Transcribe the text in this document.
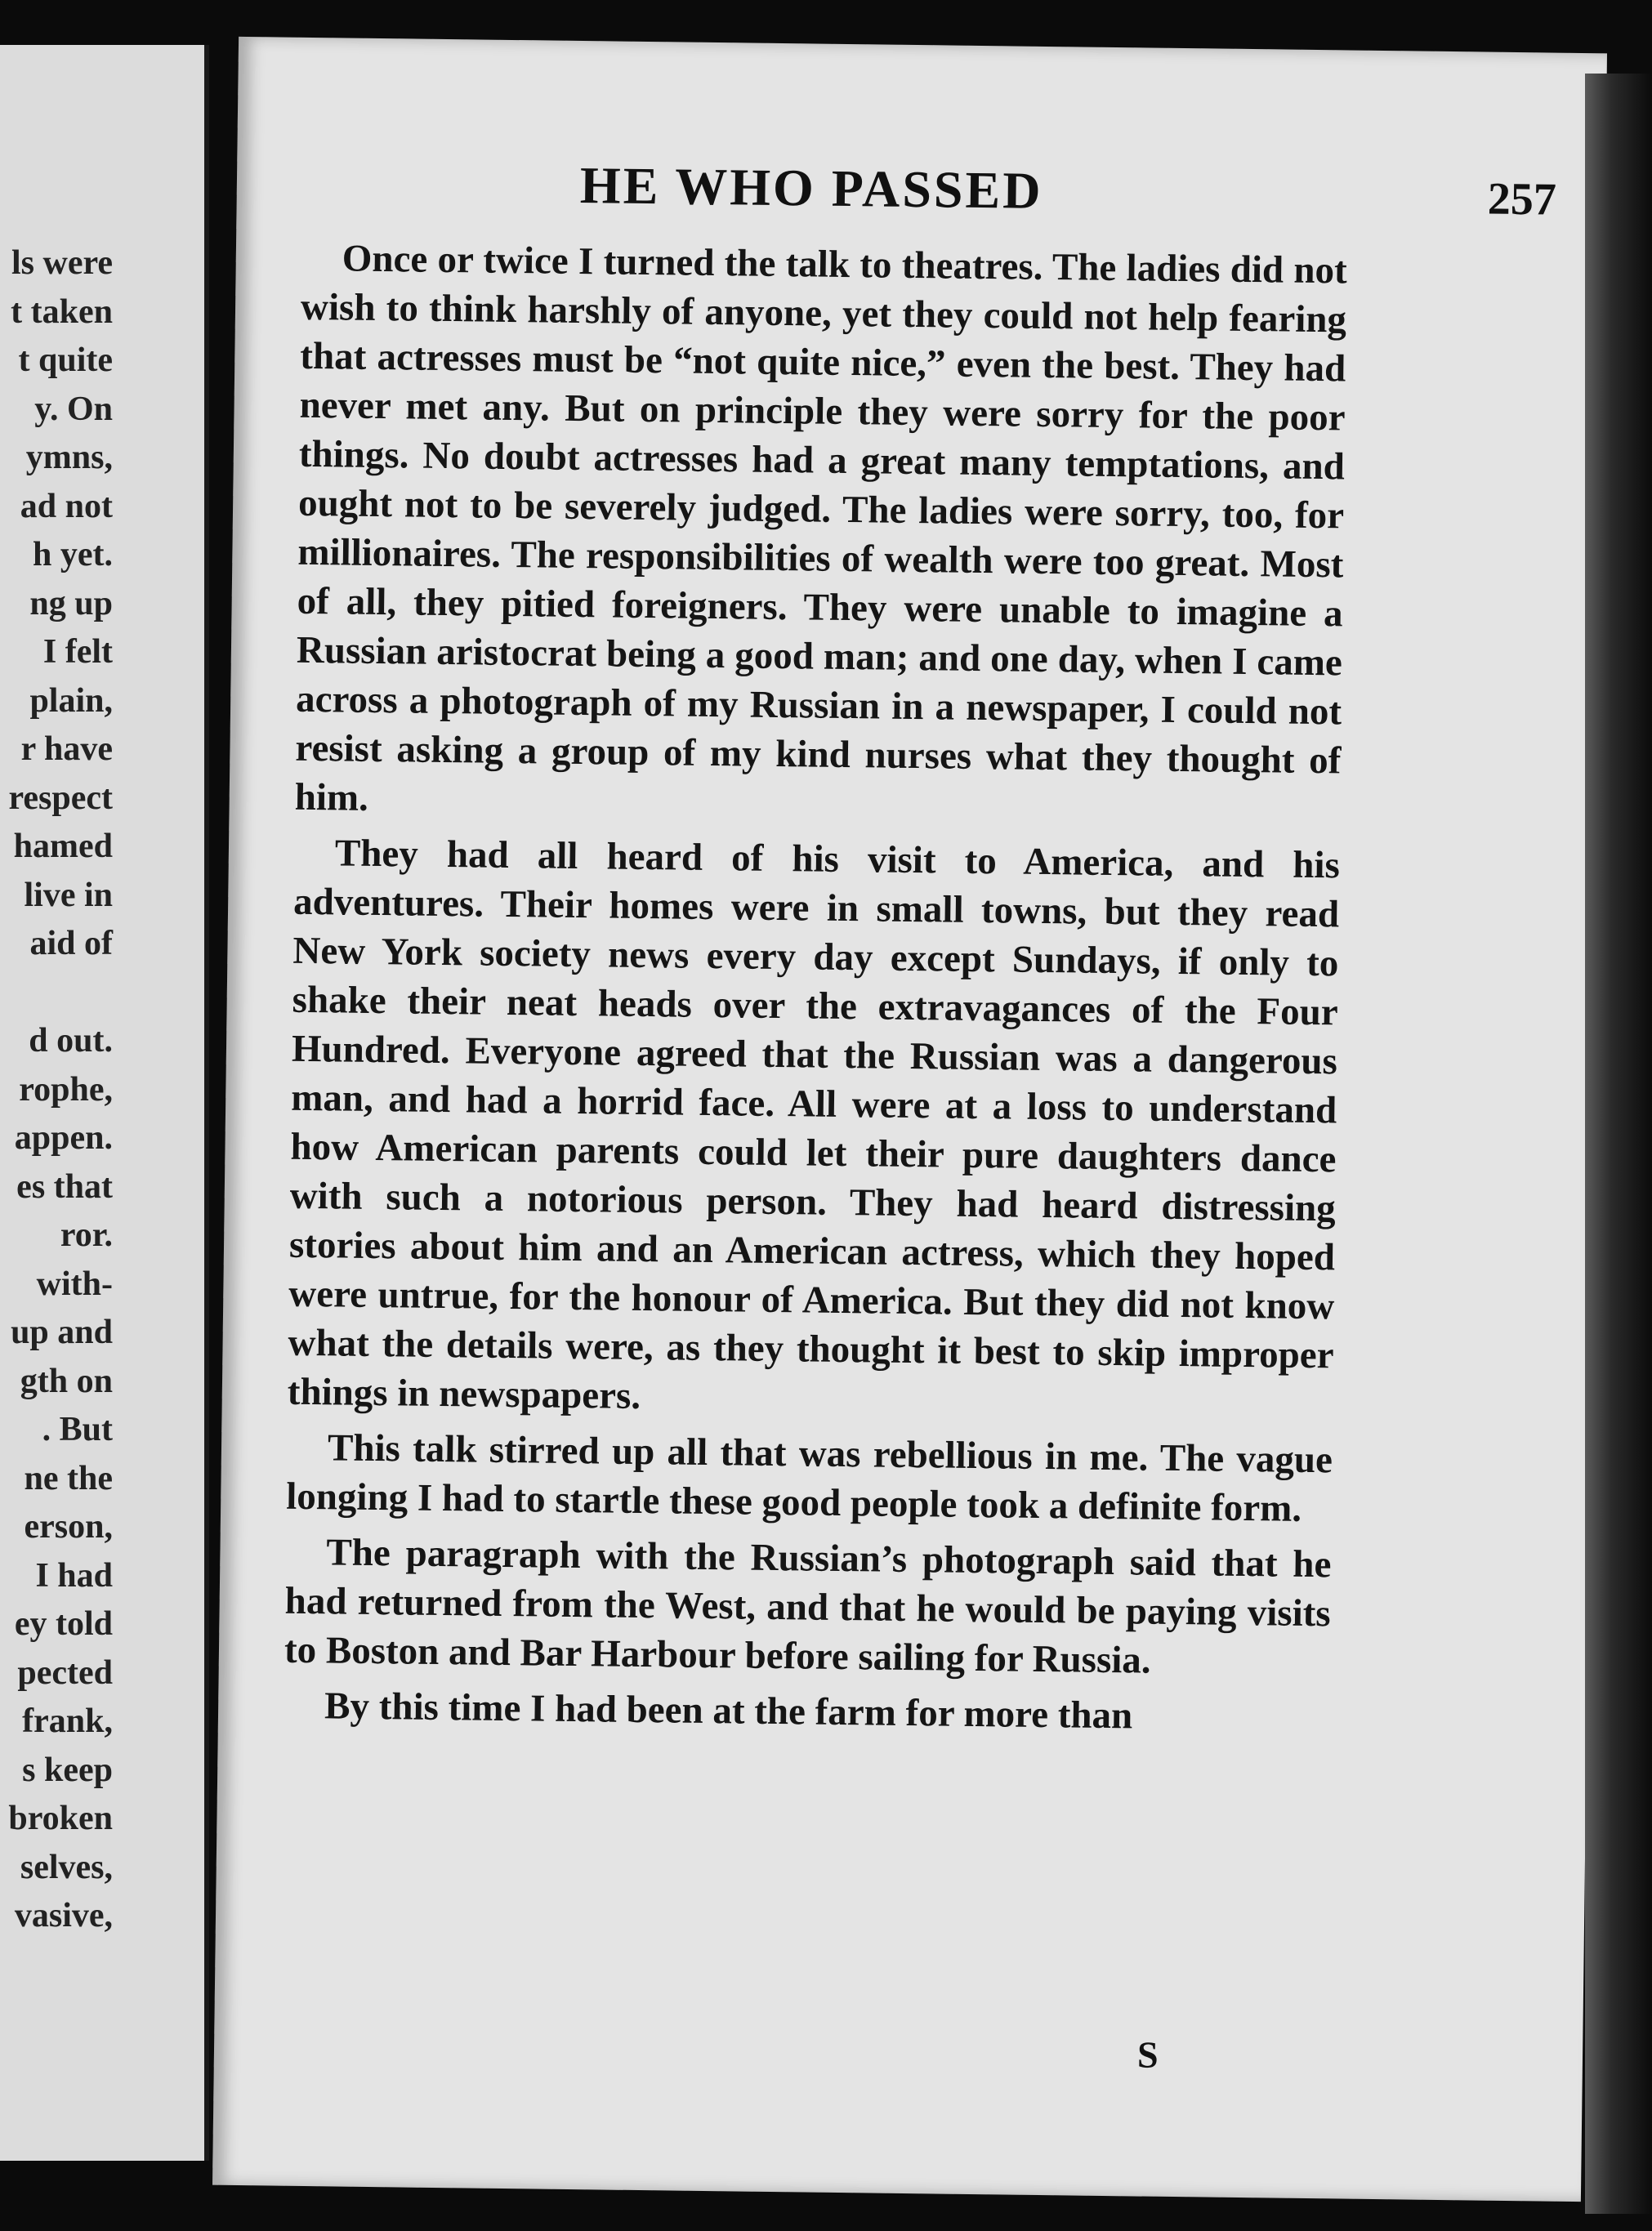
ls were
t taken
t quite
y. On
ymns,
ad not
h yet.
ng up
I felt
plain,
r have
respect
hamed
live in
aid of
d out.
rophe,
appen.
es that
ror.
with-
up and
gth on
. But
ne the
erson,
I had
ey told
pected
frank,
s keep
broken
selves,
vasive,
HE WHO PASSED	257

Once or twice I turned the talk to theatres. The ladies did not wish to think harshly of anyone, yet they could not help fearing that actresses must be “not quite nice,” even the best. They had never met any. But on principle they were sorry for the poor things. No doubt actresses had a great many temptations, and ought not to be severely judged. The ladies were sorry, too, for millionaires. The responsibilities of wealth were too great. Most of all, they pitied foreigners. They were unable to imagine a Russian aristocrat being a good man; and one day, when I came across a photograph of my Russian in a newspaper, I could not resist asking a group of my kind nurses what they thought of him.

They had all heard of his visit to America, and his adventures. Their homes were in small towns, but they read New York society news every day except Sundays, if only to shake their neat heads over the extravagances of the Four Hundred. Everyone agreed that the Russian was a dangerous man, and had a horrid face. All were at a loss to understand how American parents could let their pure daughters dance with such a notorious person. They had heard distressing stories about him and an American actress, which they hoped were untrue, for the honour of America. But they did not know what the details were, as they thought it best to skip improper things in newspapers.

This talk stirred up all that was rebellious in me. The vague longing I had to startle these good people took a definite form.

The paragraph with the Russian’s photograph said that he had returned from the West, and that he would be paying visits to Boston and Bar Harbour before sailing for Russia.

By this time I had been at the farm for more than

S
